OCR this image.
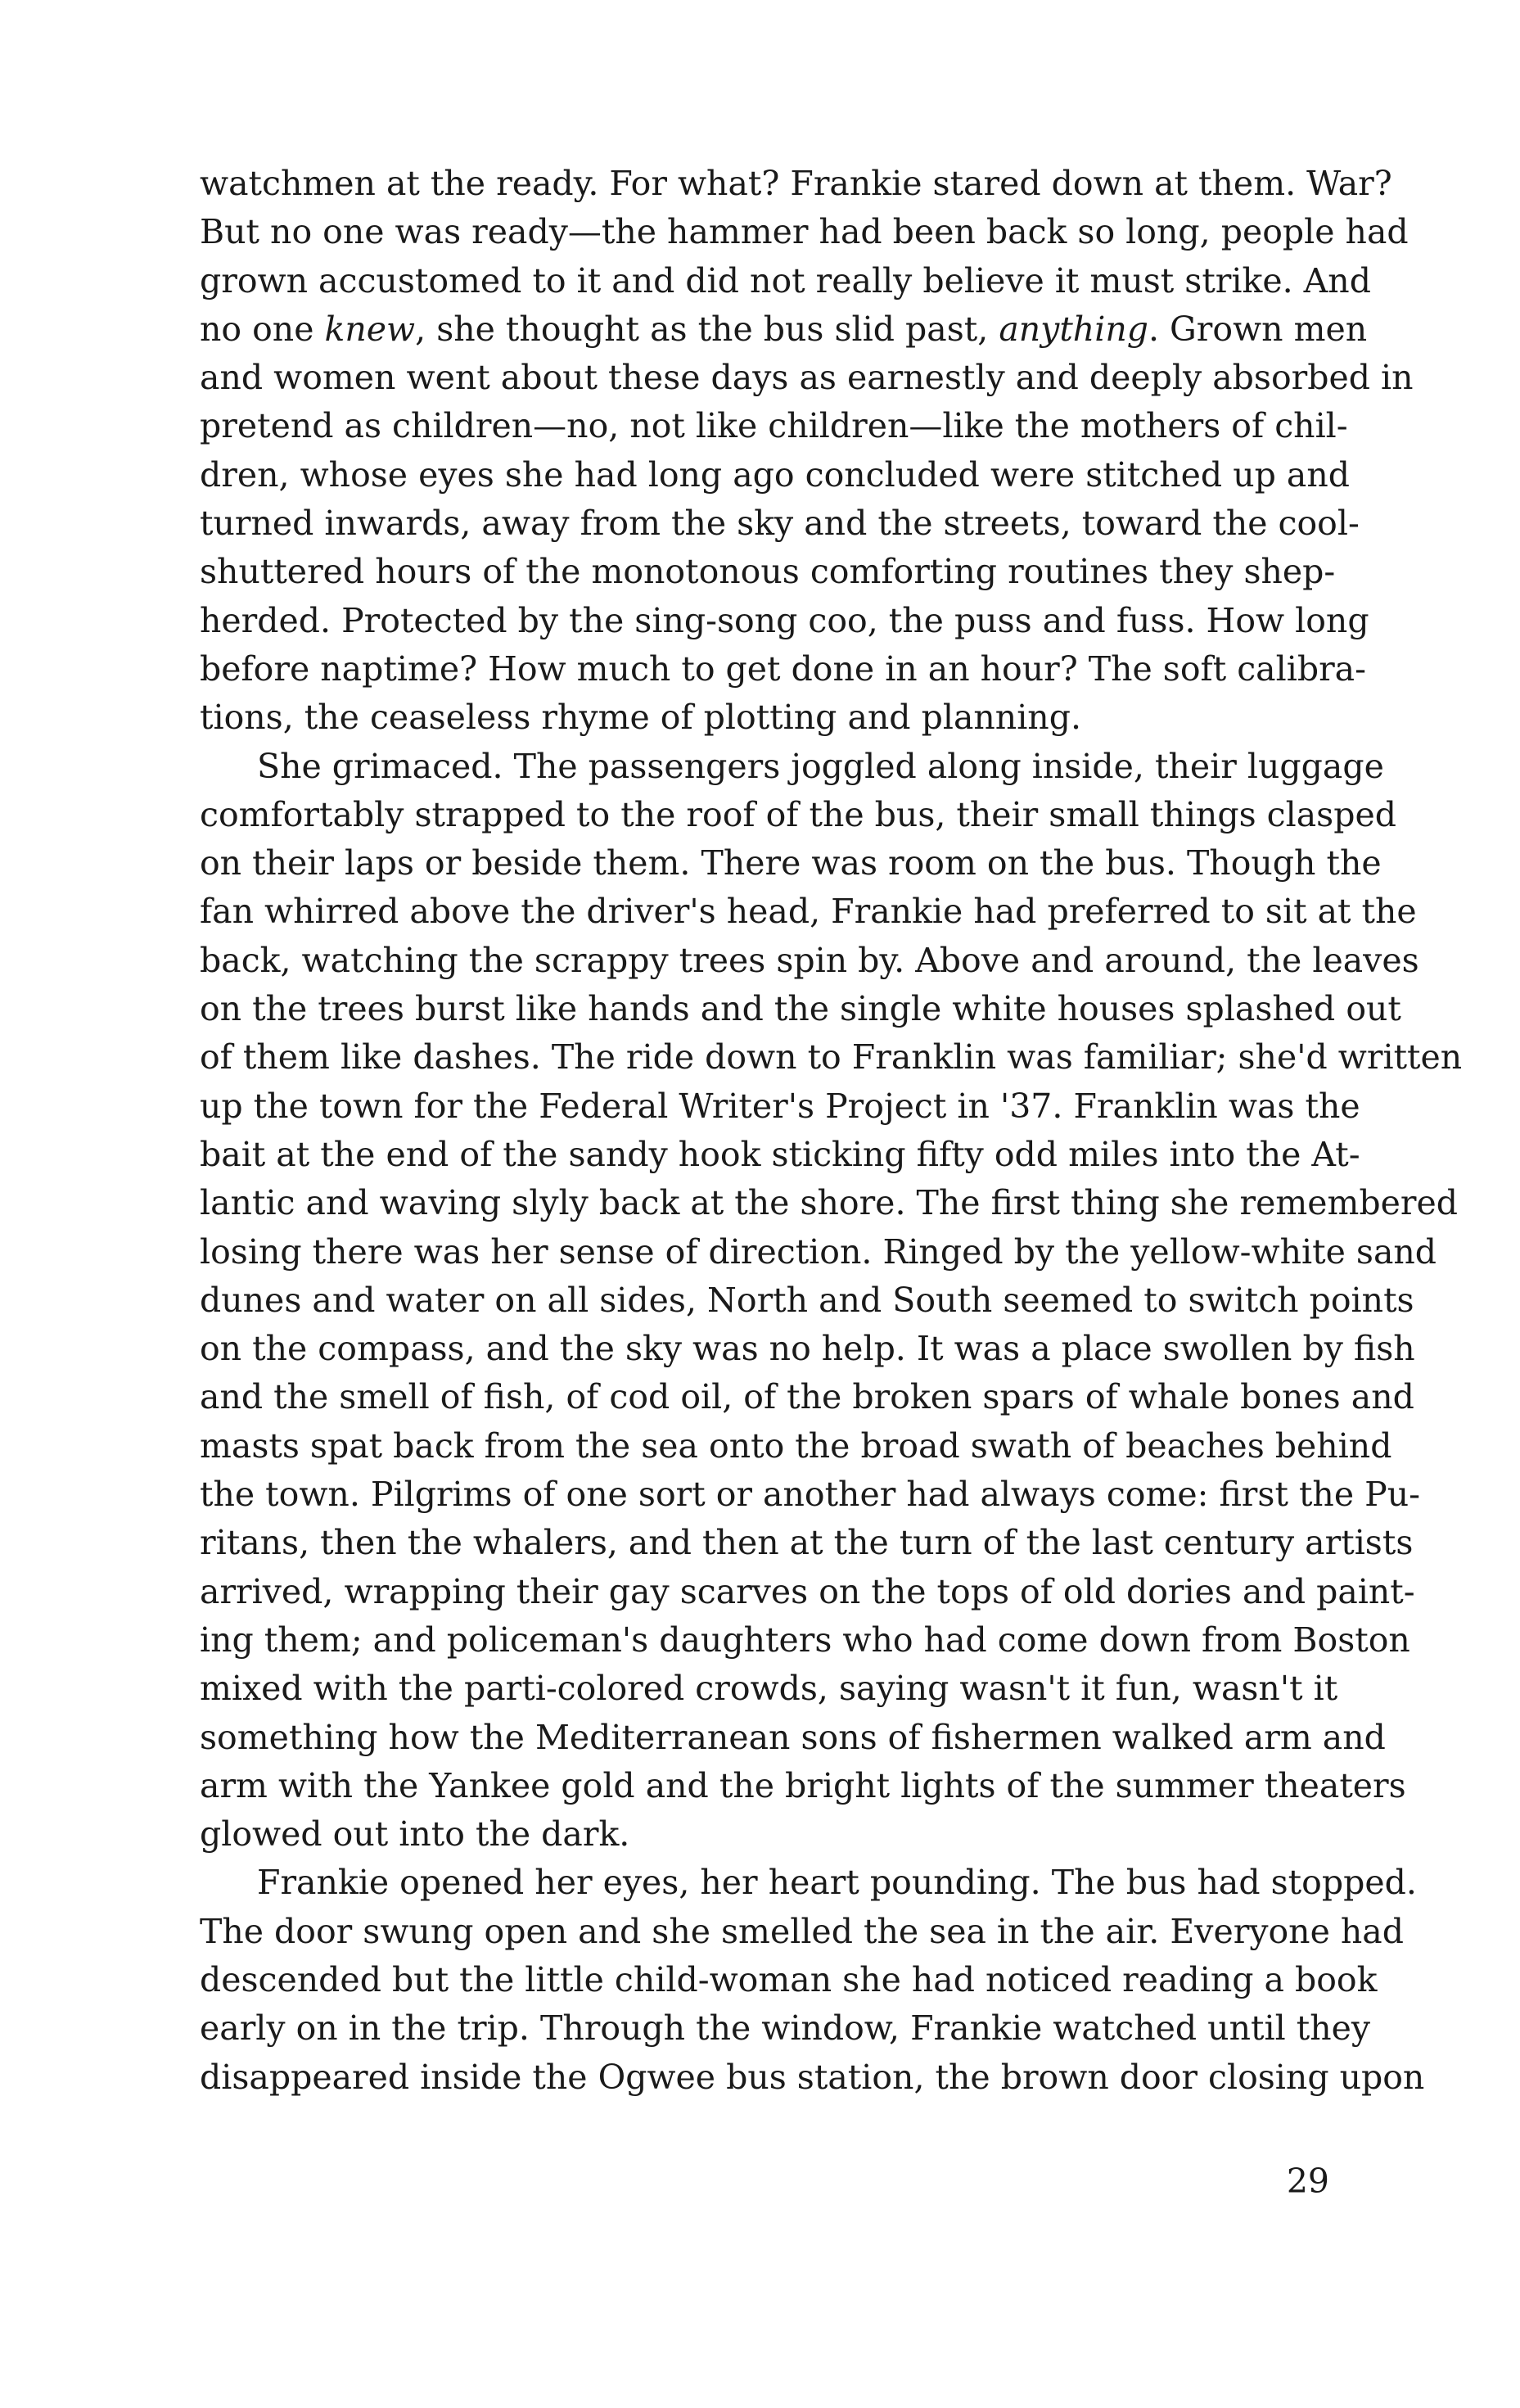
watchmen at the ready. For what? Frankie stared down at them. War?
But no one was ready—the hammer had been back so long, people had
grown accustomed to it and did not really believe it must strike. And
no one knew, she thought as the bus slid past, anything. Grown men
and women went about these days as earnestly and deeply absorbed in
pretend as children—no, not like children—like the mothers of chil-
dren, whose eyes she had long ago concluded were stitched up and
turned inwards, away from the sky and the streets, toward the cool-
shuttered hours of the monotonous comforting routines they shep-
herded. Protected by the sing-song coo, the puss and fuss. How long
before naptime? How much to get done in an hour? The soft calibra-
tions, the ceaseless rhyme of plotting and planning.
She grimaced. The passengers joggled along inside, their luggage
comfortably strapped to the roof of the bus, their small things clasped
on their laps or beside them. There was room on the bus. Though the
fan whirred above the driver's head, Frankie had preferred to sit at the
back, watching the scrappy trees spin by. Above and around, the leaves
on the trees burst like hands and the single white houses splashed out
of them like dashes. The ride down to Franklin was familiar; she'd written
up the town for the Federal Writer's Project in '37. Franklin was the
bait at the end of the sandy hook sticking fifty odd miles into the At-
lantic and waving slyly back at the shore. The first thing she remembered
losing there was her sense of direction. Ringed by the yellow-white sand
dunes and water on all sides, North and South seemed to switch points
on the compass, and the sky was no help. It was a place swollen by fish
and the smell of fish, of cod oil, of the broken spars of whale bones and
masts spat back from the sea onto the broad swath of beaches behind
the town. Pilgrims of one sort or another had always come: first the Pu-
ritans, then the whalers, and then at the turn of the last century artists
arrived, wrapping their gay scarves on the tops of old dories and paint-
ing them; and policeman's daughters who had come down from Boston
mixed with the parti-colored crowds, saying wasn't it fun, wasn't it
something how the Mediterranean sons of fishermen walked arm and
arm with the Yankee gold and the bright lights of the summer theaters
glowed out into the dark.
Frankie opened her eyes, her heart pounding. The bus had stopped.
The door swung open and she smelled the sea in the air. Everyone had
descended but the little child-woman she had noticed reading a book
early on in the trip. Through the window, Frankie watched until they
disappeared inside the Ogwee bus station, the brown door closing upon
29
